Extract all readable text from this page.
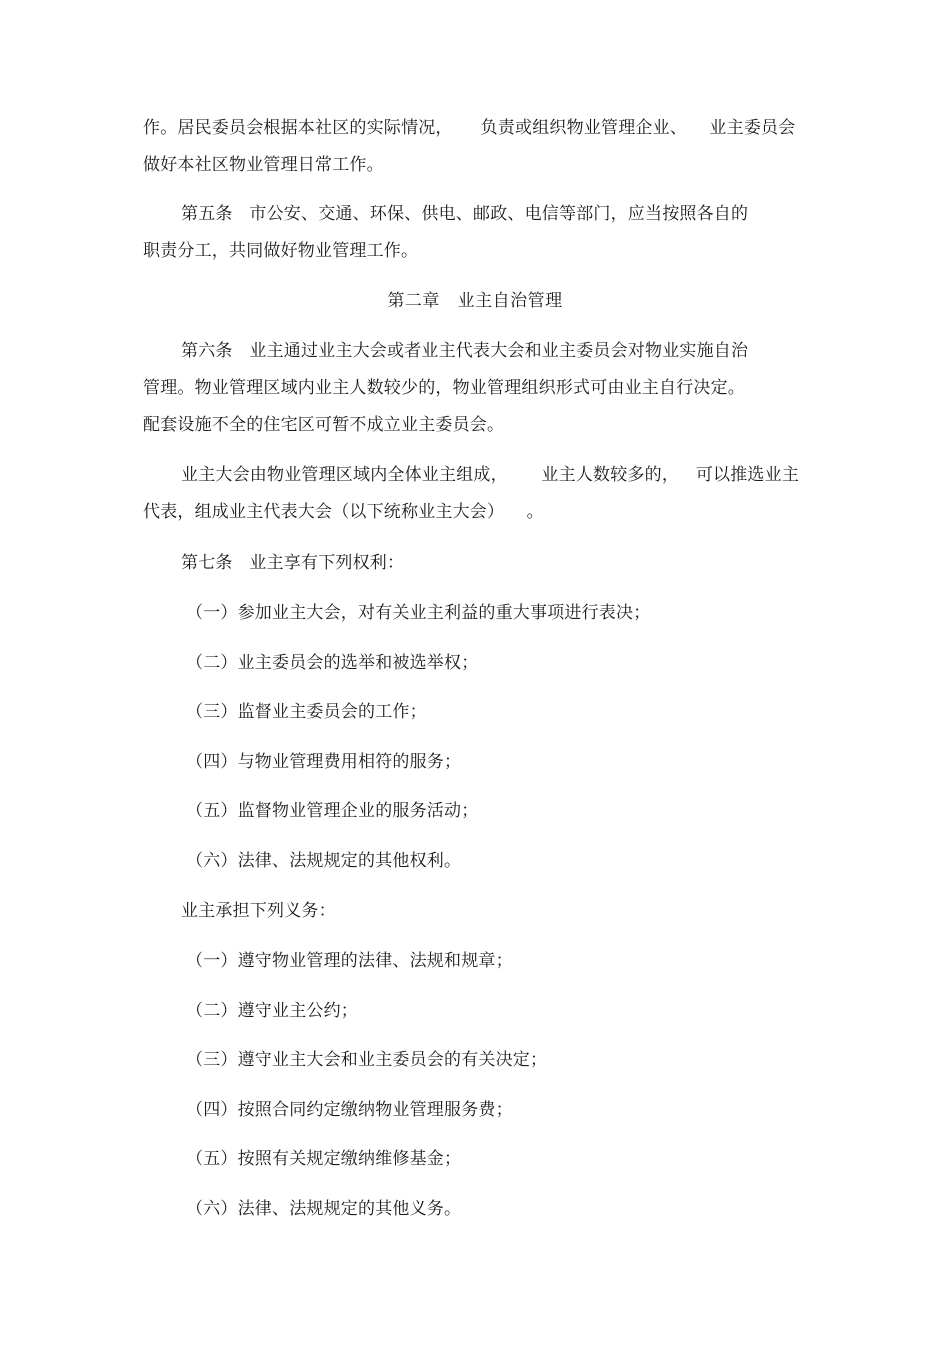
作。居民委员会根据本社区的实际情况，     负责或组织物业管理企业、    业主委员会
做好本社区物业管理日常工作。
第五条   市公安、交通、环保、供电、邮政、电信等部门，应当按照各自的
职责分工，共同做好物业管理工作。
第二章   业主自治管理
第六条   业主通过业主大会或者业主代表大会和业主委员会对物业实施自治
管理。物业管理区域内业主人数较少的，物业管理组织形式可由业主自行决定。
配套设施不全的住宅区可暂不成立业主委员会。
业主大会由物业管理区域内全体业主组成，      业主人数较多的，   可以推选业主
代表，组成业主代表大会（以下统称业主大会）    。
第七条   业主享有下列权利：
（一）参加业主大会，对有关业主利益的重大事项进行表决；
（二）业主委员会的选举和被选举权；
（三）监督业主委员会的工作；
（四）与物业管理费用相符的服务；
（五）监督物业管理企业的服务活动；
（六）法律、法规规定的其他权利。
业主承担下列义务：
（一）遵守物业管理的法律、法规和规章；
（二）遵守业主公约；
（三）遵守业主大会和业主委员会的有关决定；
（四）按照合同约定缴纳物业管理服务费；
（五）按照有关规定缴纳维修基金；
（六）法律、法规规定的其他义务。
